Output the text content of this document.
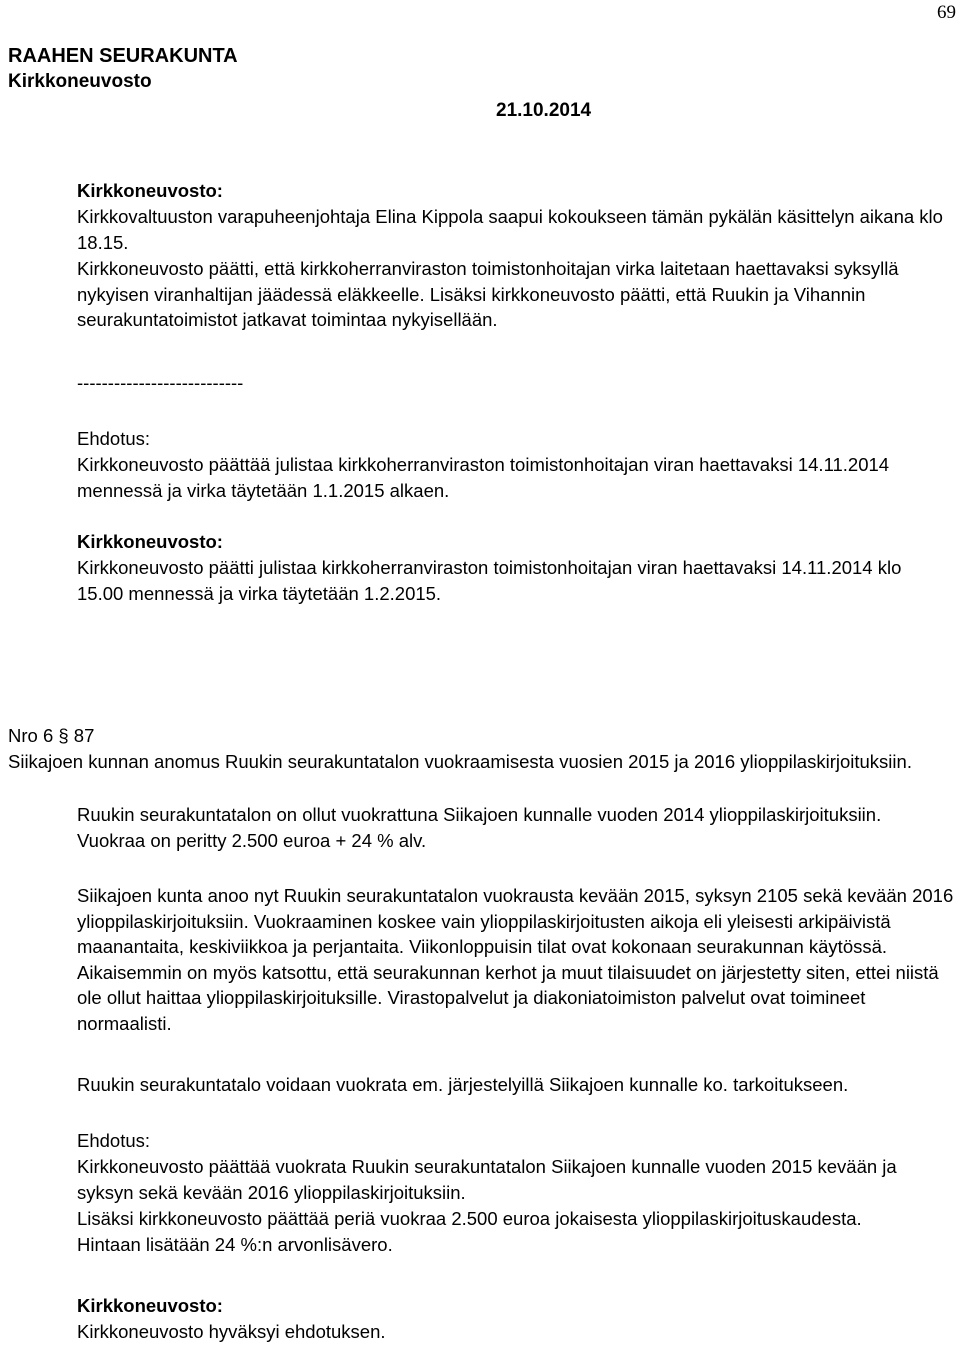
69
RAAHEN SEURAKUNTA
Kirkkoneuvosto
21.10.2014
Kirkkoneuvosto:
Kirkkovaltuuston varapuheenjohtaja Elina Kippola saapui kokoukseen tämän pykälän käsittelyn aikana klo 18.15.
Kirkkoneuvosto päätti, että kirkkoherranviraston toimistonhoitajan virka laitetaan haettavaksi syksyllä nykyisen viranhaltijan jäädessä eläkkeelle. Lisäksi kirkkoneuvosto päätti, että Ruukin ja Vihannin seurakuntatoimistot jatkavat toimintaa nykyisellään.
---------------------------
Ehdotus:
Kirkkoneuvosto päättää julistaa kirkkoherranviraston toimistonhoitajan viran haettavaksi 14.11.2014 mennessä ja virka täytetään 1.1.2015 alkaen.
Kirkkoneuvosto:
Kirkkoneuvosto päätti julistaa kirkkoherranviraston toimistonhoitajan viran haettavaksi 14.11.2014 klo 15.00 mennessä ja virka täytetään 1.2.2015.
Nro 6 § 87
Siikajoen kunnan anomus Ruukin seurakuntatalon vuokraamisesta vuosien 2015 ja 2016 ylioppilaskirjoituksiin.
Ruukin seurakuntatalon on ollut vuokrattuna Siikajoen kunnalle vuoden 2014 ylioppilaskirjoituksiin. Vuokraa on peritty 2.500 euroa + 24 % alv.
Siikajoen kunta anoo nyt Ruukin seurakuntatalon vuokrausta kevään 2015, syksyn 2105 sekä kevään 2016 ylioppilaskirjoituksiin. Vuokraaminen koskee vain ylioppilaskirjoitusten aikoja eli yleisesti arkipäivistä maanantaita, keskiviikkoa ja perjantaita. Viikonloppuisin tilat ovat kokonaan seurakunnan käytössä. Aikaisemmin on myös katsottu, että seurakunnan kerhot ja muut tilaisuudet on järjestetty siten, ettei niistä ole ollut haittaa ylioppilaskirjoituksille. Virastopalvelut ja diakoniatoimiston palvelut ovat toimineet normaalisti.
Ruukin seurakuntatalo voidaan vuokrata em. järjestelyillä Siikajoen kunnalle ko. tarkoitukseen.
Ehdotus:
Kirkkoneuvosto päättää vuokrata Ruukin seurakuntatalon Siikajoen kunnalle vuoden 2015 kevään ja syksyn sekä kevään 2016 ylioppilaskirjoituksiin.
Lisäksi kirkkoneuvosto päättää periä vuokraa 2.500 euroa jokaisesta ylioppilaskirjoituskaudesta.
Hintaan lisätään 24 %:n arvonlisävero.
Kirkkoneuvosto:
Kirkkoneuvosto hyväksyi ehdotuksen.
